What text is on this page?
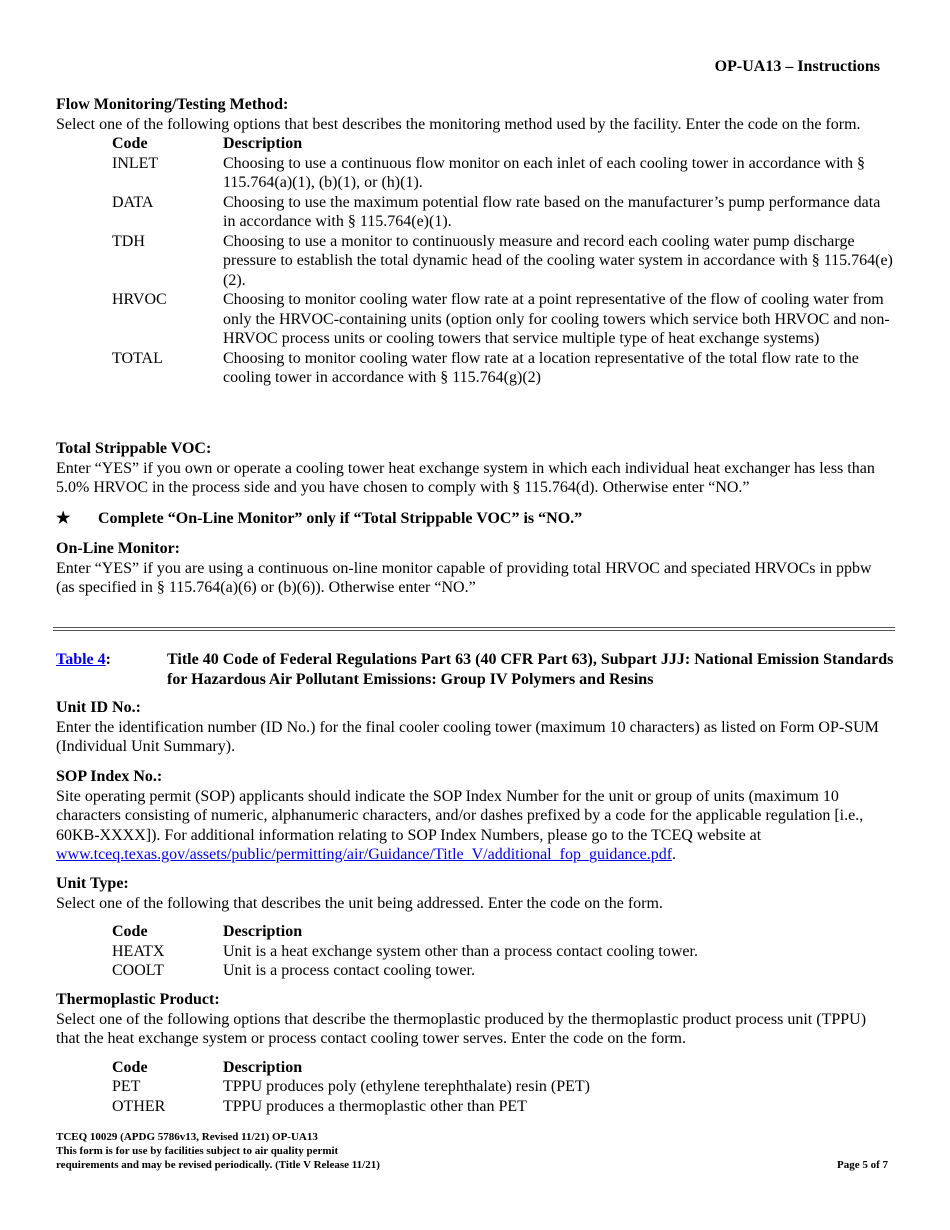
OP-UA13 – Instructions
Flow Monitoring/Testing Method:

Select one of the following options that best describes the monitoring method used by the facility. Enter the code on the form.

Code	Description
INLET	Choosing to use a continuous flow monitor on each inlet of each cooling tower in accordance with § 115.764(a)(1), (b)(1), or (h)(1).
DATA	Choosing to use the maximum potential flow rate based on the manufacturer’s pump performance data in accordance with § 115.764(e)(1).
TDH	Choosing to use a monitor to continuously measure and record each cooling water pump discharge pressure to establish the total dynamic head of the cooling water system in accordance with § 115.764(e)(2).
HRVOC	Choosing to monitor cooling water flow rate at a point representative of the flow of cooling water from only the HRVOC-containing units (option only for cooling towers which service both HRVOC and non-HRVOC process units or cooling towers that service multiple type of heat exchange systems)
TOTAL	Choosing to monitor cooling water flow rate at a location representative of the total flow rate to the cooling tower in accordance with § 115.764(g)(2)
Total Strippable VOC:

Enter “YES” if you own or operate a cooling tower heat exchange system in which each individual heat exchanger has less than 5.0% HRVOC in the process side and you have chosen to comply with § 115.764(d). Otherwise enter “NO.”

★	Complete “On-Line Monitor” only if “Total Strippable VOC” is “NO.”
On-Line Monitor:

Enter “YES” if you are using a continuous on-line monitor capable of providing total HRVOC and speciated HRVOCs in ppbw (as specified in § 115.764(a)(6) or (b)(6)). Otherwise enter “NO.”

Table 4:	Title 40 Code of Federal Regulations Part 63 (40 CFR Part 63), Subpart JJJ: National Emission Standards for Hazardous Air Pollutant Emissions: Group IV Polymers and Resins
Unit ID No.:

Enter the identification number (ID No.) for the final cooler cooling tower (maximum 10 characters) as listed on Form OP-SUM (Individual Unit Summary).

SOP Index No.:

Site operating permit (SOP) applicants should indicate the SOP Index Number for the unit or group of units (maximum 10 characters consisting of numeric, alphanumeric characters, and/or dashes prefixed by a code for the applicable regulation [i.e., 60KB-XXXX]). For additional information relating to SOP Index Numbers, please go to the TCEQ website at www.tceq.texas.gov/assets/public/permitting/air/Guidance/Title_V/additional_fop_guidance.pdf.

Unit Type:

Select one of the following that describes the unit being addressed. Enter the code on the form.

Code	Description
HEATX	Unit is a heat exchange system other than a process contact cooling tower.
COOLT	Unit is a process contact cooling tower.
Thermoplastic Product:

Select one of the following options that describe the thermoplastic produced by the thermoplastic product process unit (TPPU) that the heat exchange system or process contact cooling tower serves. Enter the code on the form.

Code	Description
PET	TPPU produces poly (ethylene terephthalate) resin (PET)
OTHER	TPPU produces a thermoplastic other than PET
TCEQ 10029 (APDG 5786v13, Revised 11/21) OP-UA13
This form is for use by facilities subject to air quality permit
requirements and may be revised periodically. (Title V Release 11/21)	Page 5 of 7
